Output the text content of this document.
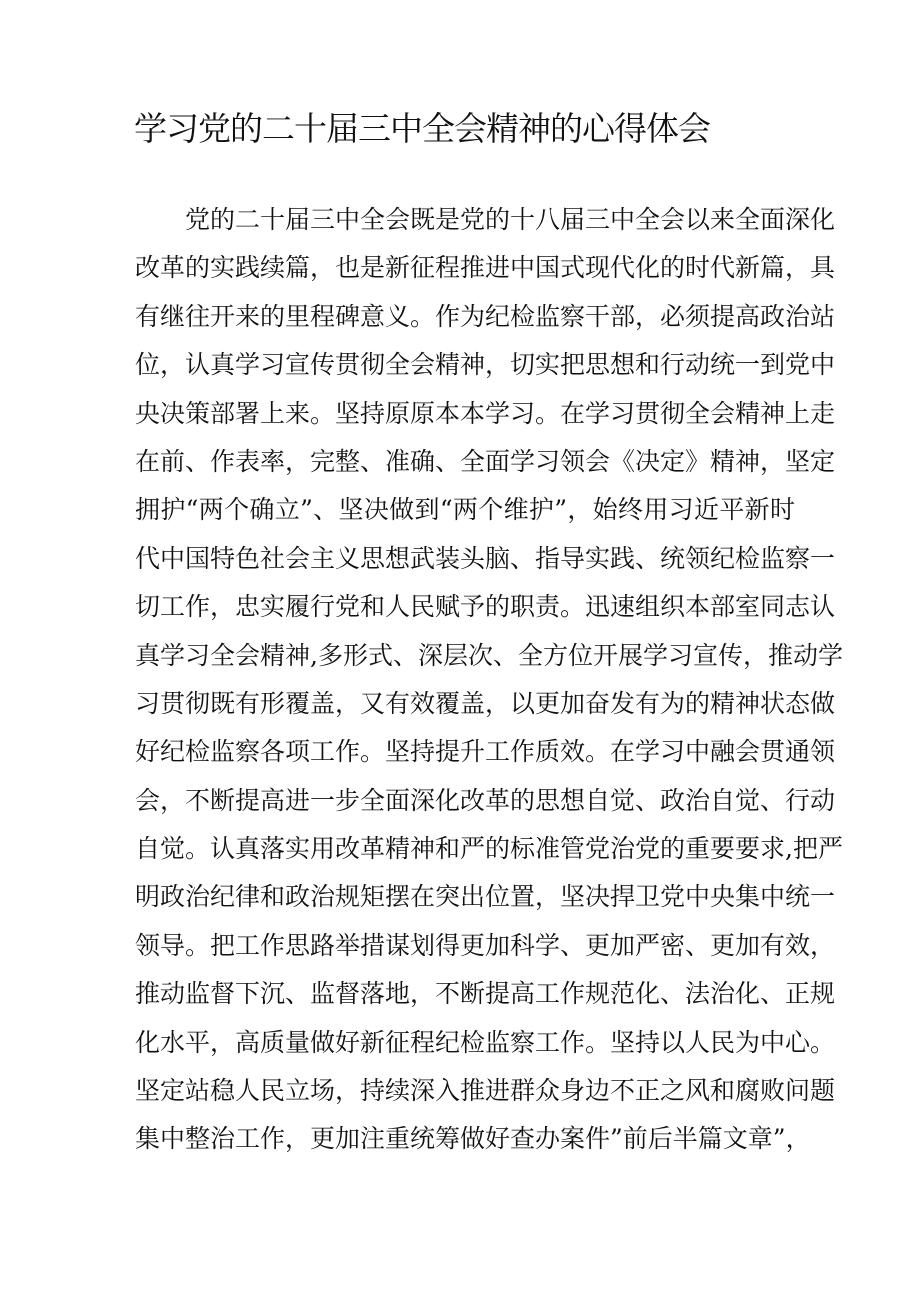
学习党的二十届三中全会精神的心得体会
党的二十届三中全会既是党的十八届三中全会以来全面深化
改革的实践续篇，也是新征程推进中国式现代化的时代新篇，具
有继往开来的里程碑意义。作为纪检监察干部，必须提高政治站
位，认真学习宣传贯彻全会精神，切实把思想和行动统一到党中
央决策部署上来。坚持原原本本学习。在学习贯彻全会精神上走
在前、作表率，完整、准确、全面学习领会《决定》精神，坚定
拥护“两个确立”、坚决做到“两个维护”，始终用习近平新时
代中国特色社会主义思想武装头脑、指导实践、统领纪检监察一
切工作，忠实履行党和人民赋予的职责。迅速组织本部室同志认
真学习全会精神,多形式、深层次、全方位开展学习宣传，推动学
习贯彻既有形覆盖，又有效覆盖，以更加奋发有为的精神状态做
好纪检监察各项工作。坚持提升工作质效。在学习中融会贯通领
会，不断提高进一步全面深化改革的思想自觉、政治自觉、行动
自觉。认真落实用改革精神和严的标准管党治党的重要要求,把严
明政治纪律和政治规矩摆在突出位置，坚决捍卫党中央集中统一
领导。把工作思路举措谋划得更加科学、更加严密、更加有效，
推动监督下沉、监督落地，不断提高工作规范化、法治化、正规
化水平，高质量做好新征程纪检监察工作。坚持以人民为中心。
坚定站稳人民立场，持续深入推进群众身边不正之风和腐败问题
集中整治工作，更加注重统筹做好查办案件”前后半篇文章”，
